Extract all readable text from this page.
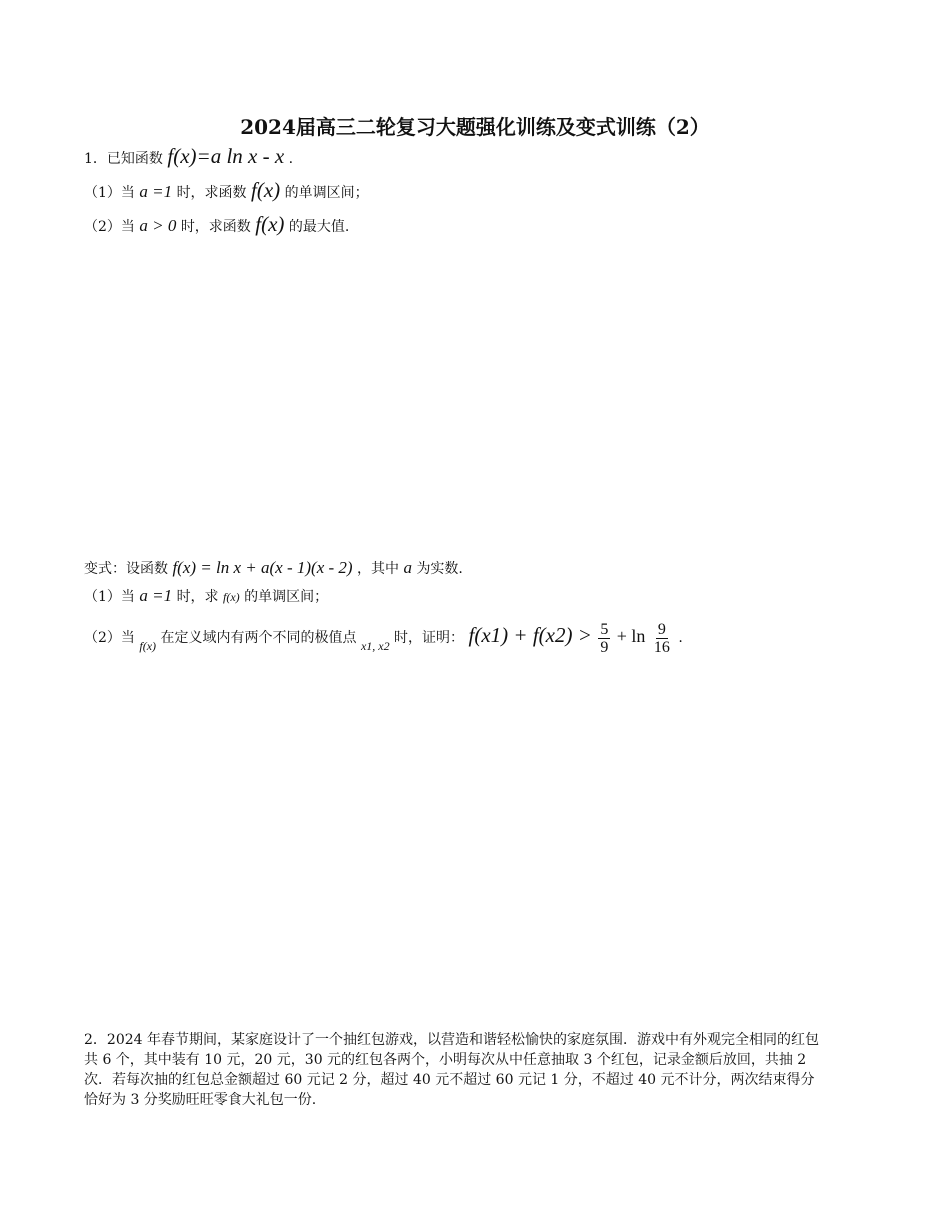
2024届高三二轮复习大题强化训练及变式训练（2）
1．已知函数 f(x)=a ln x - x .
（1）当 a =1 时，求函数 f(x) 的单调区间；
（2）当 a > 0 时，求函数 f(x) 的最大值.
变式：设函数 f(x) = ln x + a(x - 1)(x - 2) ，其中 a 为实数.
（1）当 a =1 时，求 f(x) 的单调区间；
（2）当 f(x) 在定义域内有两个不同的极值点 x1, x2 时，证明： $f(x1) + f(x2) > \frac{5}{9} + \ln \frac{9}{16}$ .
2．2024 年春节期间，某家庭设计了一个抽红包游戏，以营造和谐轻松愉快的家庭氛围．游戏中有外观完全相同的红包共 6 个，其中装有 10 元，20 元，30 元的红包各两个，小明每次从中任意抽取 3 个红包，记录金额后放回，共抽 2 次．若每次抽的红包总金额超过 60 元记 2 分，超过 40 元不超过 60 元记 1 分，不超过 40 元不计分，两次结束得分恰好为 3 分奖励旺旺零食大礼包一份.
